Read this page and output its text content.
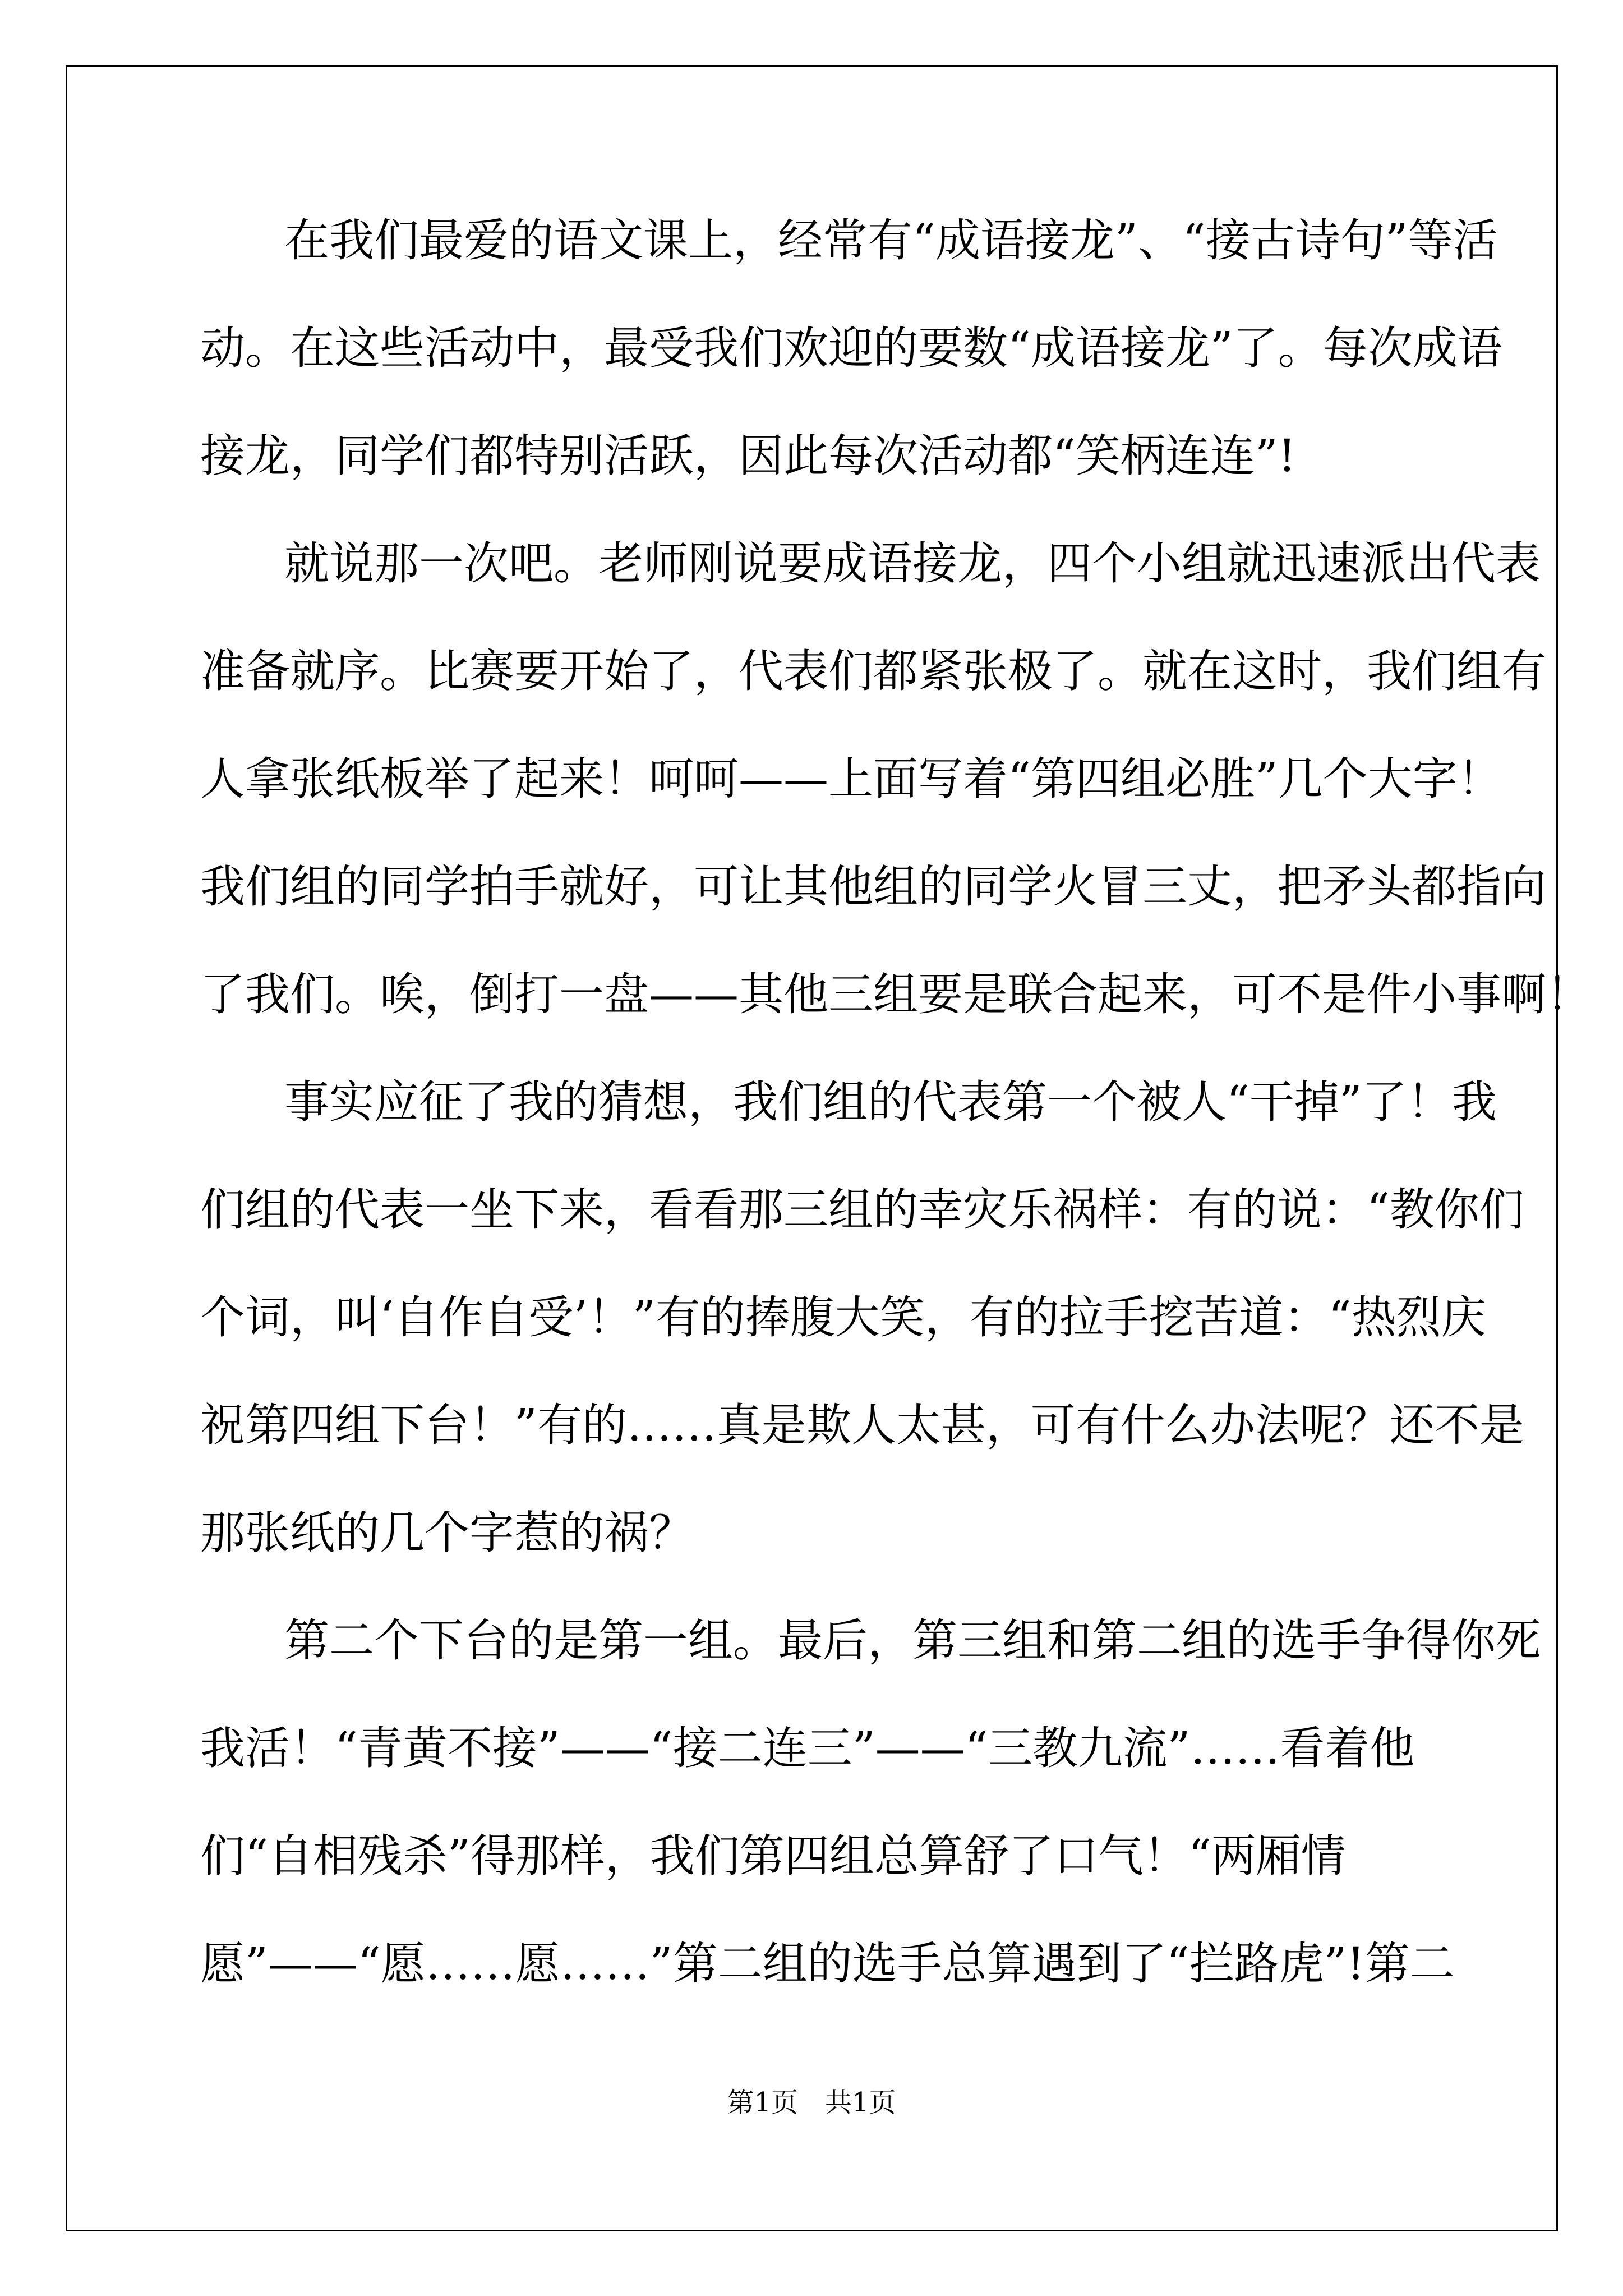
在我们最爱的语文课上，经常有“成语接龙”、“接古诗句”等活
动。在这些活动中，最受我们欢迎的要数“成语接龙”了。每次成语
接龙，同学们都特别活跃，因此每次活动都“笑柄连连”!
就说那一次吧。老师刚说要成语接龙，四个小组就迅速派出代表
准备就序。比赛要开始了，代表们都紧张极了。就在这时，我们组有
人拿张纸板举了起来！呵呵——上面写着“第四组必胜”几个大字！
我们组的同学拍手就好，可让其他组的同学火冒三丈，把矛头都指向
了我们。唉，倒打一盘——其他三组要是联合起来，可不是件小事啊！
事实应征了我的猜想，我们组的代表第一个被人“干掉”了！我
们组的代表一坐下来，看看那三组的幸灾乐祸样：有的说：“教你们
个词，叫‘自作自受’！”有的捧腹大笑，有的拉手挖苦道：“热烈庆
祝第四组下台！”有的……真是欺人太甚，可有什么办法呢？还不是
那张纸的几个字惹的祸？
第二个下台的是第一组。最后，第三组和第二组的选手争得你死
我活！“青黄不接”——“接二连三”——“三教九流”……看着他
们“自相残杀”得那样，我们第四组总算舒了口气！“两厢情
愿”——“愿……愿……”第二组的选手总算遇到了“拦路虎”!第二
第1页 共1页
